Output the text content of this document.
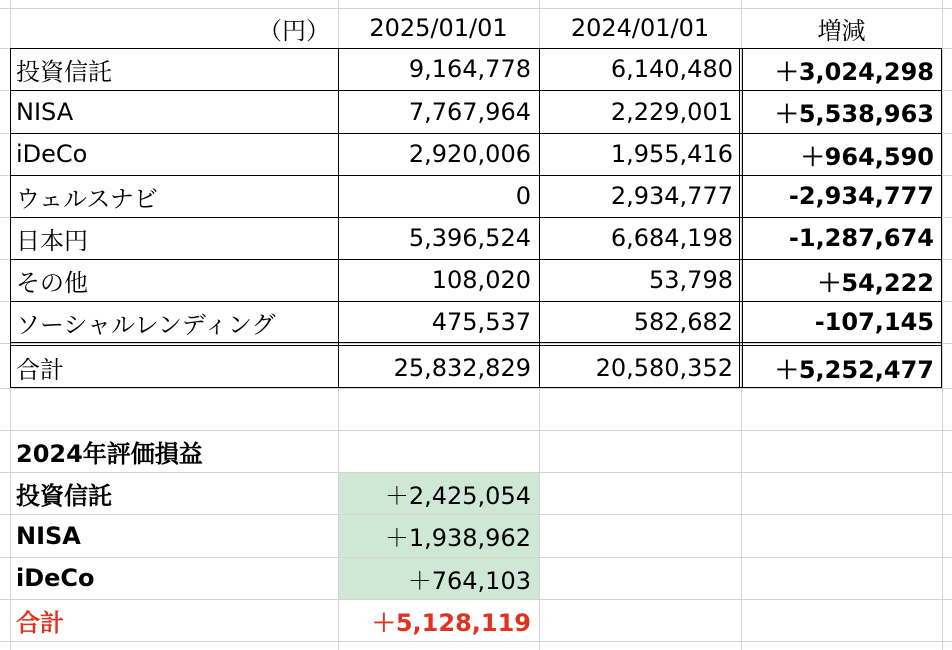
（円）	2025/01/01	2024/01/01	増減
投資信託	9,164,778	6,140,480	＋3,024,298
NISA	7,767,964	2,229,001	＋5,538,963
iDeCo	2,920,006	1,955,416	＋964,590
ウェルスナビ	0	2,934,777	-2,934,777
日本円	5,396,524	6,684,198	-1,287,674
その他	108,020	53,798	＋54,222
ソーシャルレンディング	475,537	582,682	-107,145
合計	25,832,829	20,580,352	＋5,252,477
2024年評価損益
投資信託	＋2,425,054
NISA	＋1,938,962
iDeCo	＋764,103
合計	＋5,128,119
